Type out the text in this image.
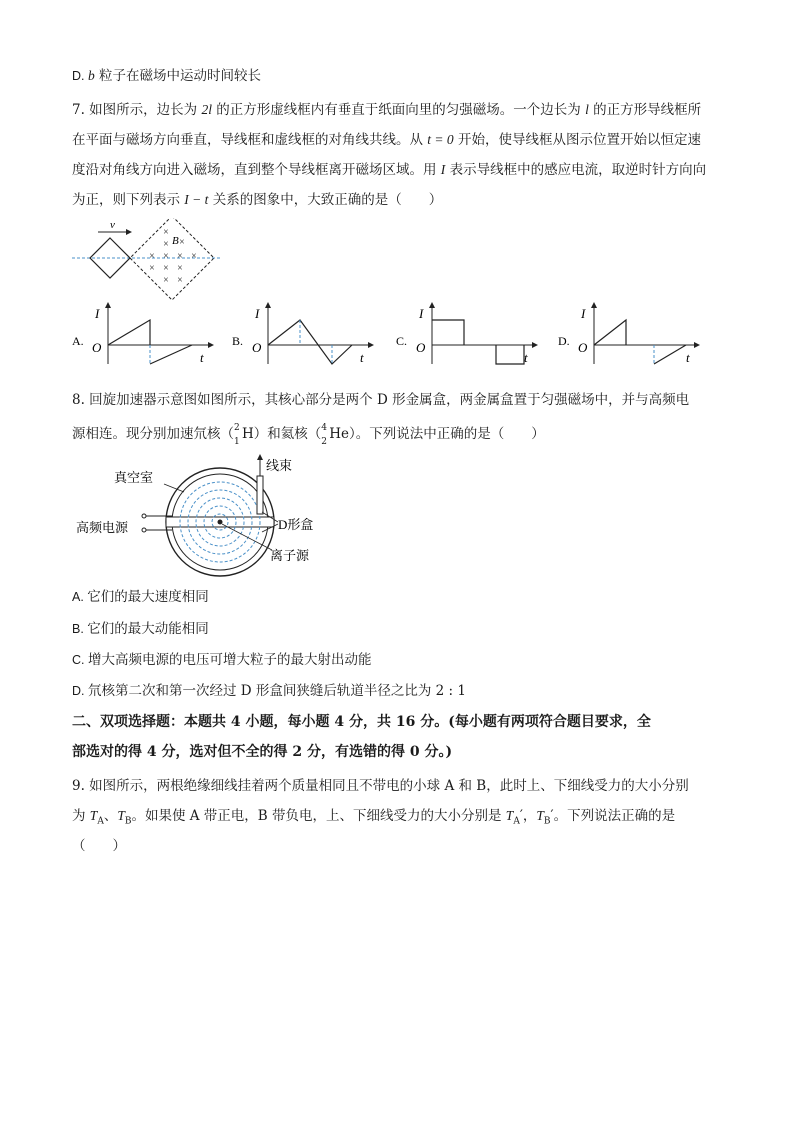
D. b 粒子在磁场中运动时间较长
7. 如图所示，边长为 2l 的正方形虚线框内有垂直于纸面向里的匀强磁场。一个边长为 l 的正方形导线框所
在平面与磁场方向垂直，导线框和虚线框的对角线共线。从 t = 0 开始，使导线框从图示位置开始以恒定速
度沿对角线方向进入磁场，直到整个导线框离开磁场区域。用 I 表示导线框中的感应电流，取逆时针方向向
为正，则下列表示 I − t 关系的图象中，大致正确的是（　　）
v
B
×
×
×
× × × ×
× × ×
× ×
A.
I
O
t
B.
I
O
t
C.
I
O
t
D.
I
O
t
8. 回旋加速器示意图如图所示，其核心部分是两个 D 形金属盒，两金属盒置于匀强磁场中，并与高频电
源相连。现分别加速氘核（ 2
1 H）和氦核（ 4
2 He）。下列说法中正确的是（　　）
线束
真空室
高频电源	D形盒
离子源
A. 它们的最大速度相同
B. 它们的最大动能相同
C. 增大高频电源的电压可增大粒子的最大射出动能
D. 氘核第二次和第一次经过 D 形盒间狭缝后轨道半径之比为 2 : 1
二、双项选择题：本题共 4 小题，每小题 4 分，共 16 分。(每小题有两项符合题目要求，全
部选对的得 4 分，选对但不全的得 2 分，有选错的得 0 分。)
9. 如图所示，两根绝缘细线挂着两个质量相同且不带电的小球 A 和 B，此时上、下细线受力的大小分别
为 $T_A$、$T_B$。如果使 A 带正电，B 带负电，上、下细线受力的大小分别是 $T_A'$，$T_B'$。下列说法正确的是
（　　）
